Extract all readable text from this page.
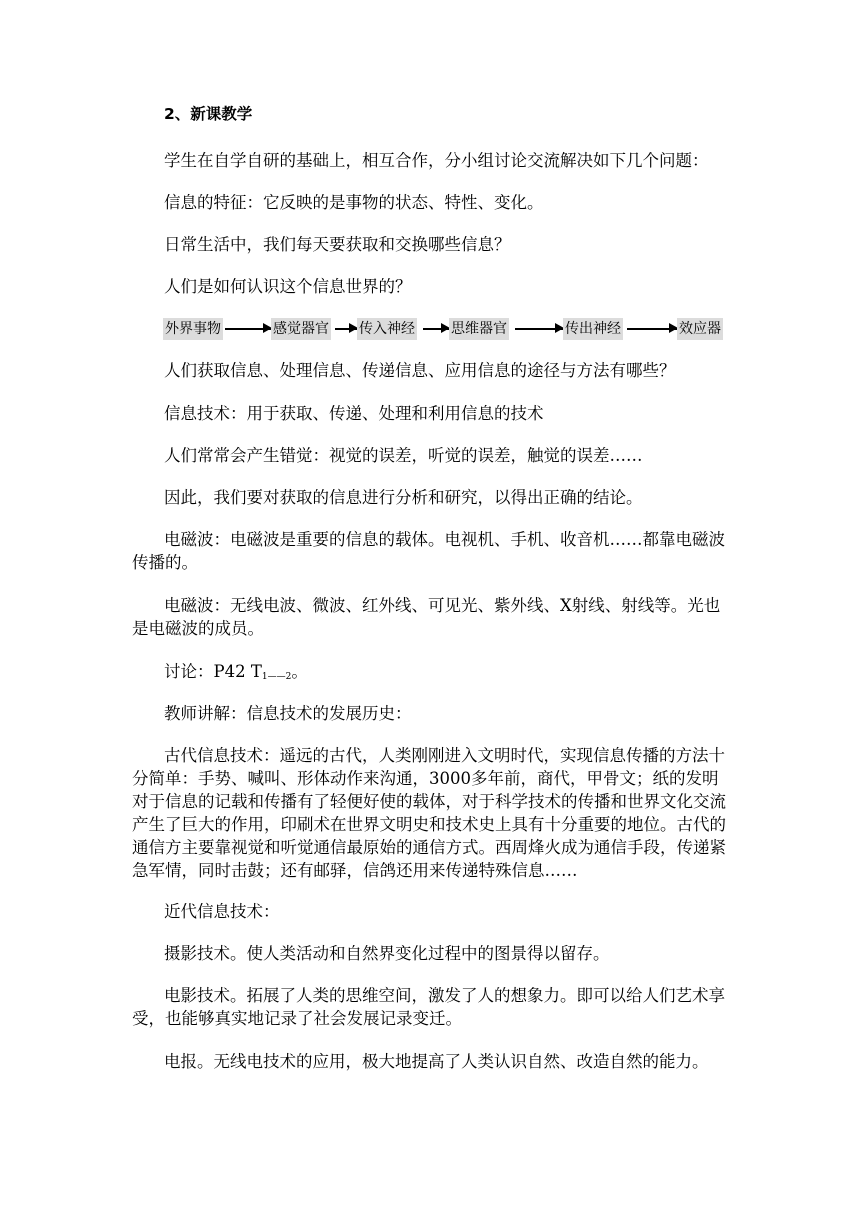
2、新课教学
学生在自学自研的基础上，相互合作，分小组讨论交流解决如下几个问题：
信息的特征：它反映的是事物的状态、特性、变化。
日常生活中，我们每天要获取和交换哪些信息？
人们是如何认识这个信息世界的？
外界事物	感觉器官 传入神经	思维器官	传出神经	效应器
人们获取信息、处理信息、传递信息、应用信息的途径与方法有哪些？
信息技术：用于获取、传递、处理和利用信息的技术
人们常常会产生错觉：视觉的误差，听觉的误差，触觉的误差……
因此，我们要对获取的信息进行分析和研究，以得出正确的结论。
电磁波：电磁波是重要的信息的载体。电视机、手机、收音机……都靠电磁波传播的。
电磁波：无线电波、微波、红外线、可见光、紫外线、X射线、射线等。光也是电磁波的成员。
讨论：P42 $T_{1——2}$。
教师讲解：信息技术的发展历史：
古代信息技术：遥远的古代，人类刚刚进入文明时代，实现信息传播的方法十分简单：手势、喊叫、形体动作来沟通，3000多年前，商代，甲骨文；纸的发明对于信息的记载和传播有了轻便好使的载体，对于科学技术的传播和世界文化交流产生了巨大的作用，印刷术在世界文明史和技术史上具有十分重要的地位。古代的通信方主要靠视觉和听觉通信最原始的通信方式。西周烽火成为通信手段，传递紧急军情，同时击鼓；还有邮驿，信鸽还用来传递特殊信息……
近代信息技术：
摄影技术。使人类活动和自然界变化过程中的图景得以留存。
电影技术。拓展了人类的思维空间，激发了人的想象力。即可以给人们艺术享受，也能够真实地记录了社会发展记录变迁。
电报。无线电技术的应用，极大地提高了人类认识自然、改造自然的能力。
